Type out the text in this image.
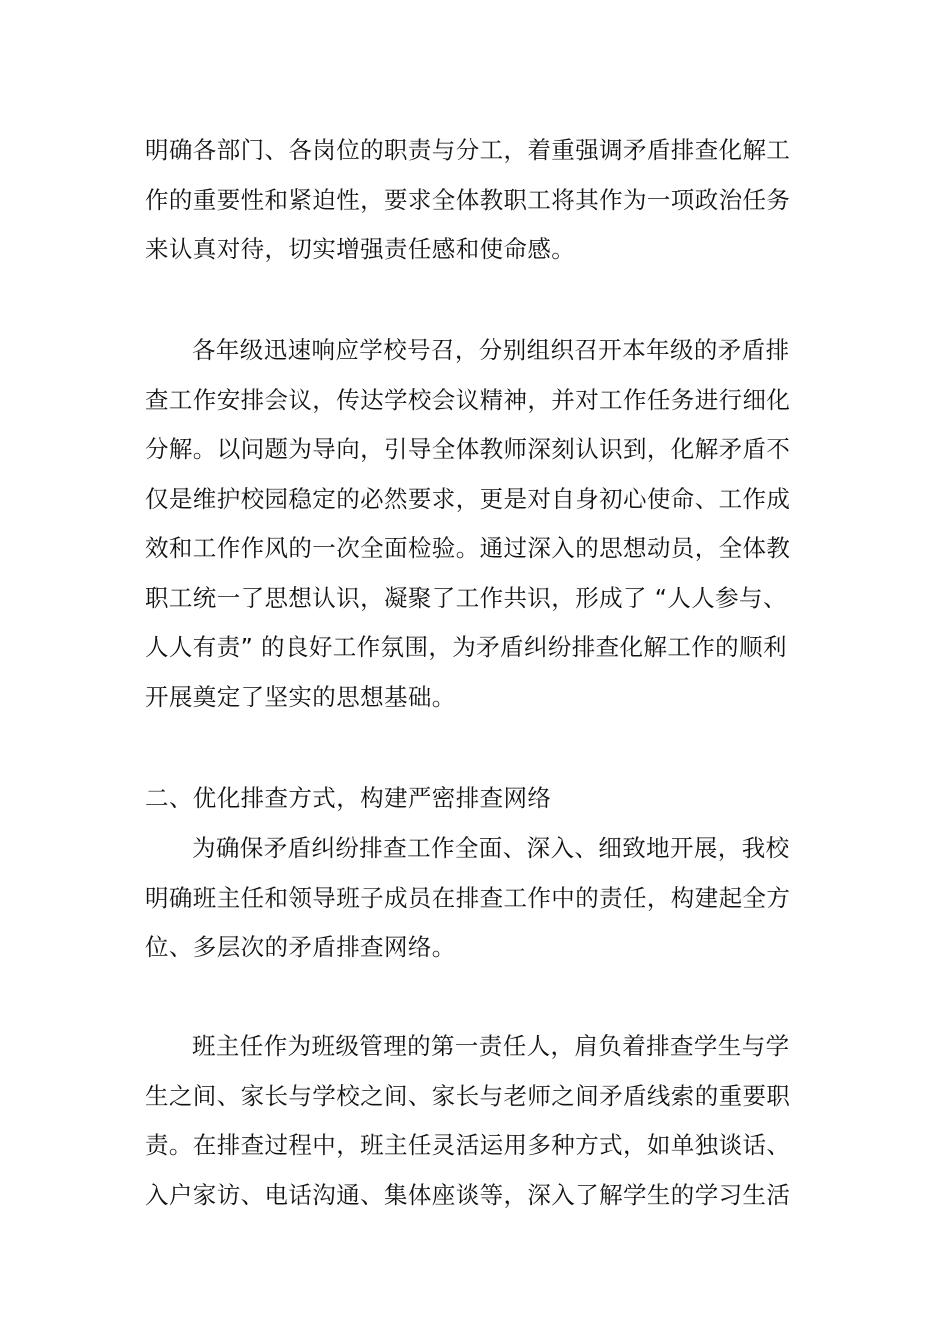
明确各部门、各岗位的职责与分工，着重强调矛盾排查化解工
作的重要性和紧迫性，要求全体教职工将其作为一项政治任务
来认真对待，切实增强责任感和使命感。
各年级迅速响应学校号召，分别组织召开本年级的矛盾排
查工作安排会议，传达学校会议精神，并对工作任务进行细化
分解。以问题为导向，引导全体教师深刻认识到，化解矛盾不
仅是维护校园稳定的必然要求，更是对自身初心使命、工作成
效和工作作风的一次全面检验。通过深入的思想动员，全体教
职工统一了思想认识，凝聚了工作共识，形成了 “人人参与、
人人有责” 的良好工作氛围，为矛盾纠纷排查化解工作的顺利
开展奠定了坚实的思想基础。
二、优化排查方式，构建严密排查网络
为确保矛盾纠纷排查工作全面、深入、细致地开展，我校
明确班主任和领导班子成员在排查工作中的责任，构建起全方
位、多层次的矛盾排查网络。
班主任作为班级管理的第一责任人，肩负着排查学生与学
生之间、家长与学校之间、家长与老师之间矛盾线索的重要职
责。在排查过程中，班主任灵活运用多种方式，如单独谈话、
入户家访、电话沟通、集体座谈等，深入了解学生的学习生活
